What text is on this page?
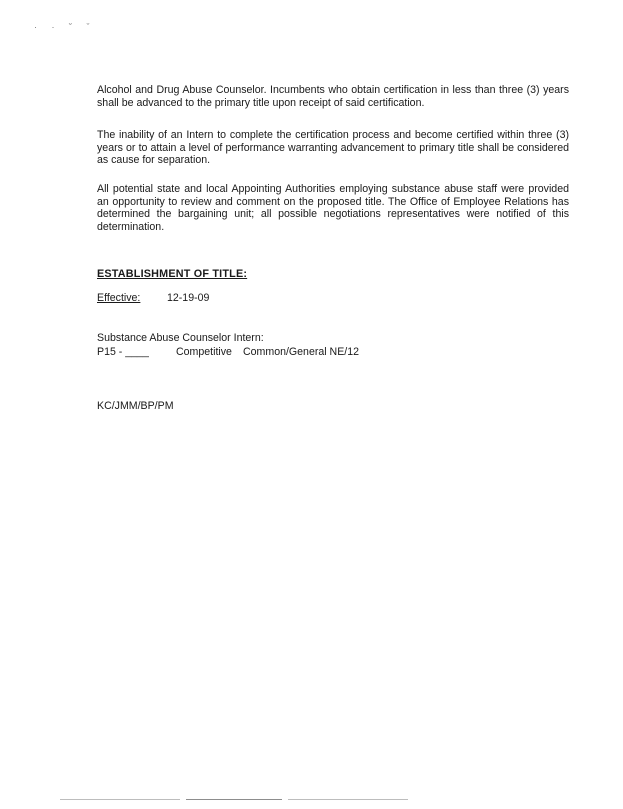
· · ˘ ˇ

Alcohol and Drug Abuse Counselor. Incumbents who obtain certification in less than three (3) years shall be advanced to the primary title upon receipt of said certification.

The inability of an Intern to complete the certification process and become certified within three (3) years or to attain a level of performance warranting advancement to primary title shall be considered as cause for separation.

All potential state and local Appointing Authorities employing substance abuse staff were provided an opportunity to review and comment on the proposed title. The Office of Employee Relations has determined the bargaining unit; all possible negotiations representatives were notified of this determination.

ESTABLISHMENT OF TITLE:
Effective:	12-19-09
Substance Abuse Counselor Intern:
P15 - ____	Competitive Common/General NE/12
KC/JMM/BP/PM
